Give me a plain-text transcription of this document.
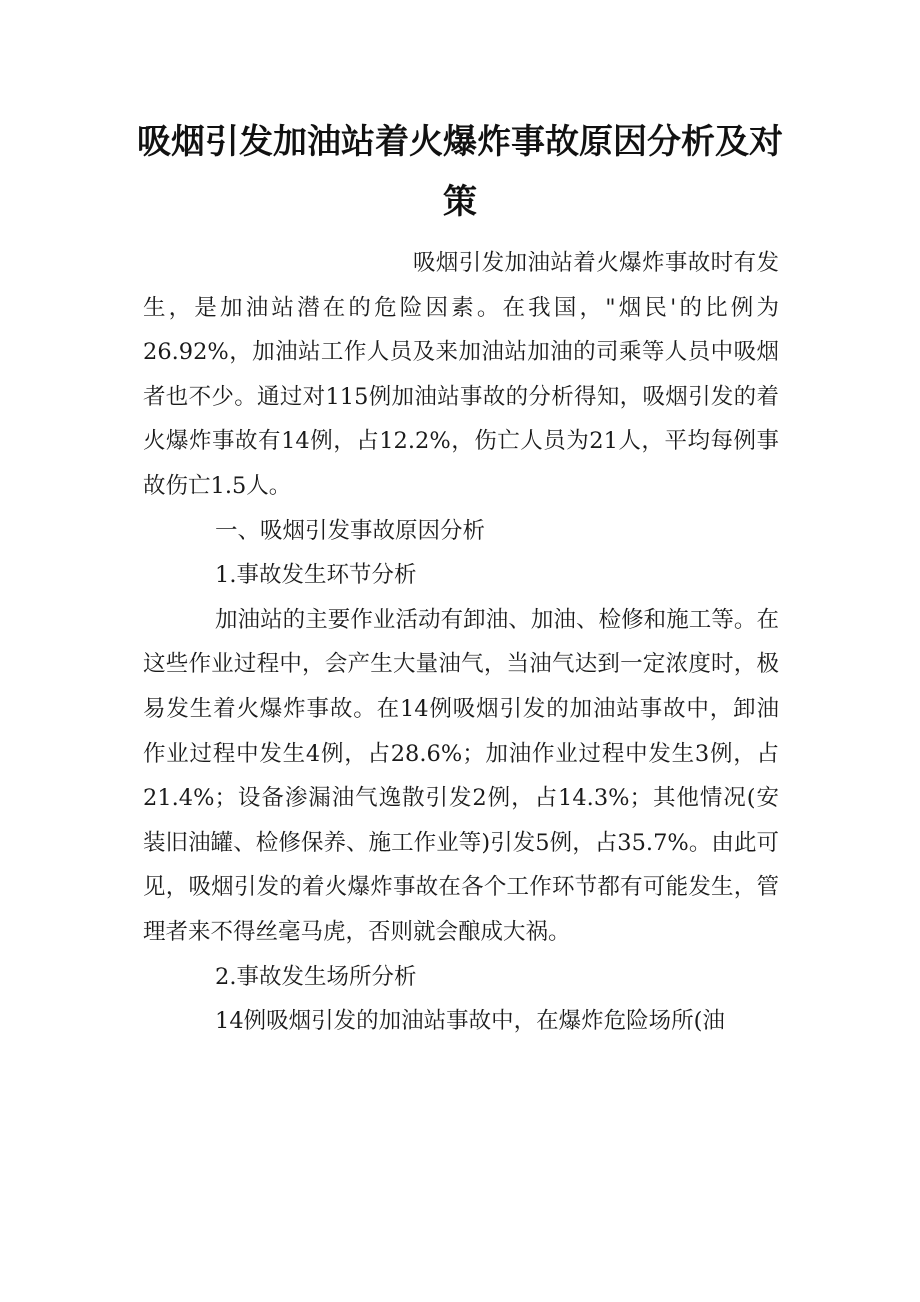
吸烟引发加油站着火爆炸事故原因分析及对策

吸烟引发加油站着火爆炸事故时有发生，是加油站潜在的危险因素。在我国，"烟民'的比例为26.92%，加油站工作人员及来加油站加油的司乘等人员中吸烟者也不少。通过对115例加油站事故的分析得知，吸烟引发的着火爆炸事故有14例，占12.2%，伤亡人员为21人，平均每例事故伤亡1.5人。

一、吸烟引发事故原因分析

1.事故发生环节分析

加油站的主要作业活动有卸油、加油、检修和施工等。在这些作业过程中，会产生大量油气，当油气达到一定浓度时，极易发生着火爆炸事故。在14例吸烟引发的加油站事故中，卸油作业过程中发生4例，占28.6%；加油作业过程中发生3例，占21.4%；设备渗漏油气逸散引发2例，占14.3%；其他情况(安装旧油罐、检修保养、施工作业等)引发5例，占35.7%。由此可见，吸烟引发的着火爆炸事故在各个工作环节都有可能发生，管理者来不得丝毫马虎，否则就会酿成大祸。

2.事故发生场所分析

14例吸烟引发的加油站事故中，在爆炸危险场所(油
